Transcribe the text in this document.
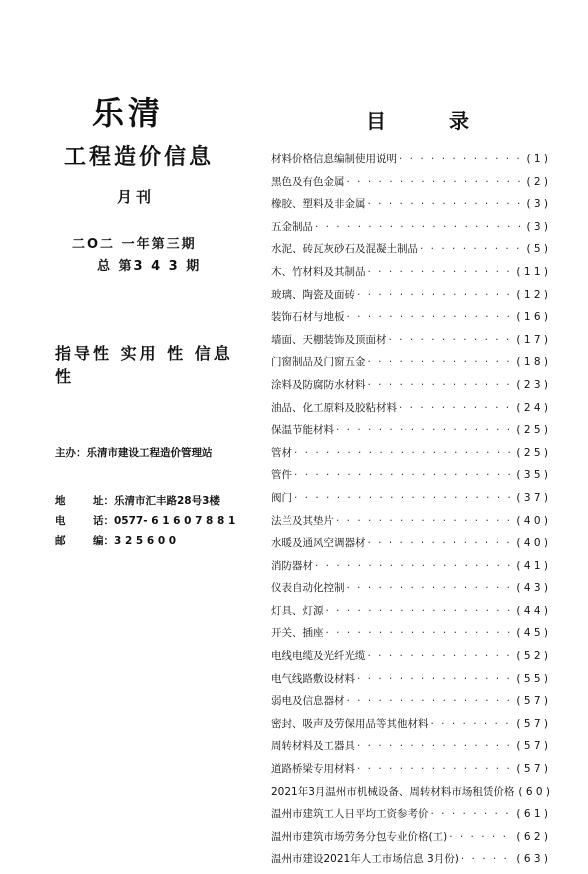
乐清
工程造价信息
月刊
二O二 一年第三期
总 第3 4 3 期
指导性 实用 性 信息 性
主办：乐清市建设工程造价管理站
地	址：乐清市汇丰路28号3楼
电	话：0577- 6 1 6 0 7 8 8 1
邮	编：3 2 5 6 0 0
目 录
材料价格信息编制使用说明 · · ·	( 1 )
黑色及有色金属 · · ·	( 2 )
橡胶、塑料及非金属 · · ·	( 3 )
五金制品 · · ·	( 3 )
水泥、砖瓦灰砂石及混凝土制品 · · ·	( 5 )
木、竹材料及其制品 · · ·	( 1 1 )
玻璃、陶瓷及面砖 · · ·	( 1 2 )
装饰石材与地板 · · ·	( 1 6 )
墙面、天棚装饰及顶面材 · · ·	( 1 7 )
门窗制品及门窗五金 · · ·	( 1 8 )
涂料及防腐防水材料 · · ·	( 2 3 )
油品、化工原料及胶粘材料 · · ·	( 2 4 )
保温节能材料 · · ·	( 2 5 )
管材 · · ·	( 2 5 )
管件 · · ·	( 3 5 )
阀门 · · ·	( 3 7 )
法兰及其垫片 · · ·	( 4 0 )
水暖及通风空调器材 · · ·	( 4 0 )
消防器材 · · ·	( 4 1 )
仪表自动化控制 · · ·	( 4 3 )
灯具、灯源 · · ·	( 4 4 )
开关、插座 · · ·	( 4 5 )
电线电缆及光纤光缆 · · ·	( 5 2 )
电气线路敷设材料 · · ·	( 5 5 )
弱电及信息器材 · · ·	( 5 7 )
密封、吸声及劳保用品等其他材料 · · ·	( 5 7 )
周转材料及工器具 · · ·	( 5 7 )
道路桥梁专用材料 · · ·	( 5 7 )
2021年3月温州市机械设备、周转材料市场租赁价格 ( 6 0 )
温州市建筑工人日平均工资参考价 · · ·	( 6 1 )
温州市建筑市场劳务分包专业价格(工) · · ·	( 6 2 )
温州市建设2021年人工市场信息 3月份) · · ·	( 6 3 )
